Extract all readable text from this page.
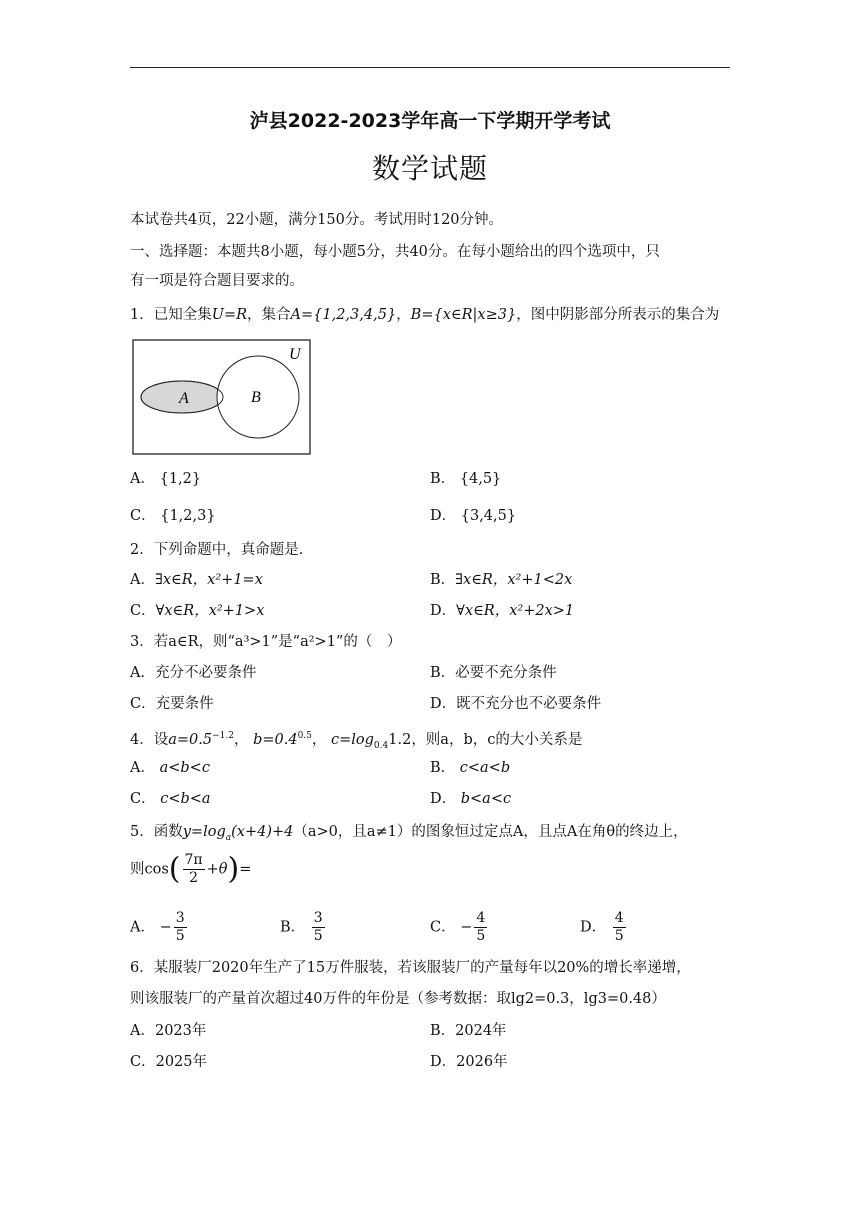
泸县2022-2023学年高一下学期开学考试
数学试题
本试卷共4页，22小题，满分150分。考试用时120分钟。
一、选择题：本题共8小题，每小题5分，共40分。在每小题给出的四个选项中，只
有一项是符合题目要求的。
1．已知全集U=R，集合A={1,2,3,4,5}，B={x∈R|x≥3}，图中阴影部分所表示的集合为
U
A	B
A． {1,2}	B． {4,5}
C． {1,2,3}	D． {3,4,5}
2．下列命题中，真命题是.
A．∃x∈R，x²+1=x	B．∃x∈R，x²+1<2x
C．∀x∈R，x²+1>x	D．∀x∈R，x²+2x>1
3．若a∈R，则“a³>1”是“a²>1”的（　）
A．充分不必要条件	B．必要不充分条件
C．充要条件	D．既不充分也不必要条件
4．设$a=0.5^{-1.2}$， $b=0.4^{0.5}$， $c=\log_{0.4}1.2$，则a，b，c的大小关系是
A． a<b<c	B． c<a<b
C． c<b<a	D． b<a<c
5．函数$y=\log_a(x+4)+4(a>0$，且a≠1）的图象恒过定点A，且点A在角θ的终边上，
则$\cos( \frac{7\pi}{2} +\theta)=$
A． − $\frac{3}{5}$	B． $\frac{3}{5}$	C． − $\frac{4}{5}$	D． $\frac{4}{5}$
6．某服装厂2020年生产了15万件服装，若该服装厂的产量每年以20%的增长率递增，
则该服装厂的产量首次超过40万件的年份是（参考数据：取lg2=0.3，lg3=0.48）
A．2023年	B．2024年
C．2025年	D．2026年
